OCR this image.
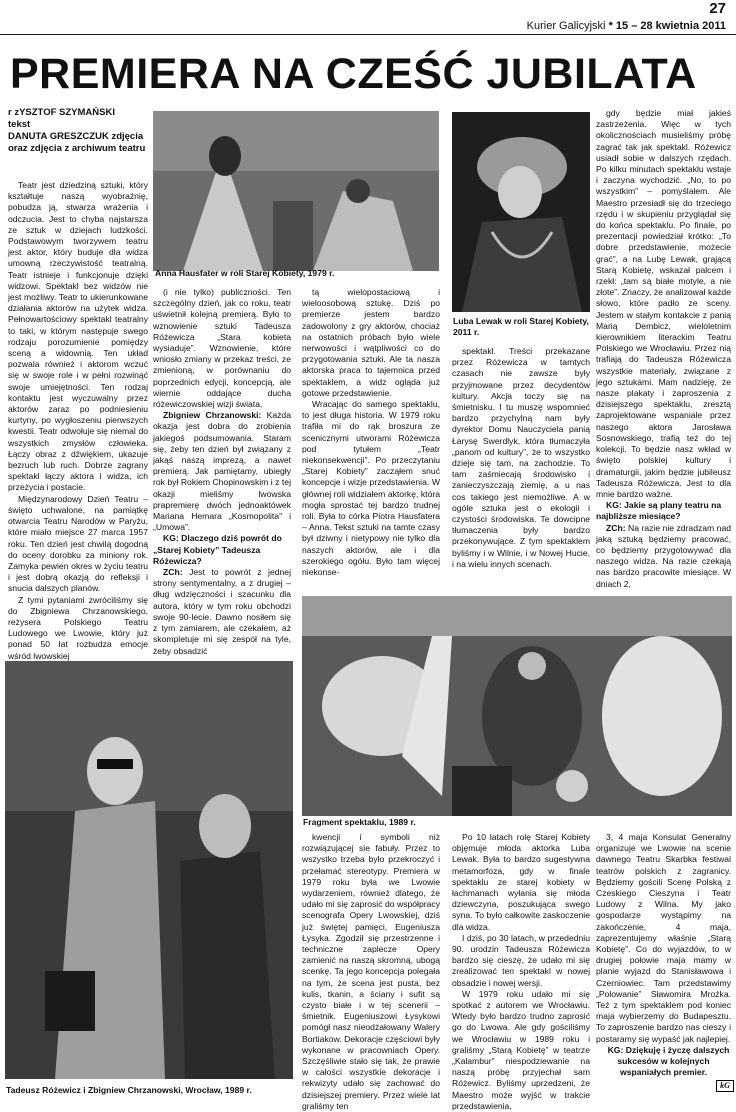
27
Kurier Galicyjski * 15 – 28 kwietnia 2011
PREMIERA NA CZEŚĆ JUBILATA
r zYSZTOF SZYMAŃSKI
tekst
DANUTA GRESZCZUK zdjęcia oraz zdjęcia z archiwum teatru

Teatr jest dziedziną sztuki, który kształtuje naszą wyobraźnię, pobudza ją, stwarza wrażenia i odczucia. Jest to chyba najstarsza ze sztuk w dziejach ludzkości. Podstawowym tworzywem teatru jest aktor, który buduje dla widza umowną rzeczywistość teatralną. Teatr istnieje i funkcjonuje dzięki widzowi. Spektakl bez widzów nie jest możliwy. Teatr to ukierunkowane działania aktorów na użytek widza. Pełnowartościowy spektakl teatralny to taki, w którym następuje swego rodzaju porozumienie pomiędzy sceną a widownią. Ten układ pozwala również i aktorom wczuć się w swoje role i w pełni rozwinąć swoje umiejętności. Ten rodzaj kontaktu jest wyczuwalny przez aktorów zaraz po podniesieniu kurtyny, po wygłoszeniu pierwszych kwestii. Teatr odwołuje się niemal do wszystkich zmysłów człowieka. Łączy obraz z dźwiękiem, ukazuje bezruch lub ruch. Dobrze zagrany spektakl łączy aktora i widza, ich przeżycia i postacie.

Międzynarodowy Dzień Teatru – święto uchwalone, na pamiątkę otwarcia Teatru Narodów w Paryżu, które miało miejsce 27 marca 1957 roku. Ten dzień jest chwilą dogodną do oceny dorobku za miniony rok. Zamyka pewien okres w życiu teatru i jest dobrą okazją do refleksji i snucia dalszych planów.

Z tymi pytaniami zwróciliśmy się do Zbigniewa Chrzanowskiego, reżysera Polskiego Teatru Ludowego we Lwowie, który już ponad 50 lat rozbudza emocje wśród lwowskiej

Anna Hausfater w roli Starej Kobiety, 1979 r.
Luba Lewak w roli Starej Kobiety, 2011 r.

(i nie tylko) publiczności. Ten szczególny dzień, jak co roku, teatr uświetnił kolejną premierą. Było to wznowienie sztuki Tadeusza Różewicza „Stara kobieta wysiaduje”. Wznowienie, które wniosło zmiany w przekaz treści, ze zmienioną, w porównaniu do poprzednich edycji, koncepcją, ale wiernie oddające ducha różewiczowskiej wizji świata.

Zbigniew Chrzanowski: Każda okazja jest dobra do zrobienia jakiegoś podsumowania. Staram się, żeby ten dzień był związany z jakąś naszą imprezą, a nawet premierą. Jak pamiętamy, ubiegły rok był Rokiem Chopinowskim i z tej okazji mieliśmy lwowska prapremierę dwóch jednoaktówek Mariana Hemara „Kosmopolita” i „Umowa”.

KG: Dlaczego dziś powrót do „Starej Kobiety” Tadeusza Różewicza?

ZCh: Jest to powrót z jednej strony sentymentalny, a z drugiej – dług wdzięczności i szacunku dla autora, który w tym roku obchodzi swoje 90-lecie. Dawno nosiłem się z tym zamiarem, ale czekałem, aż skompletuje mi się zespół na tyle, żeby obsadzić

tą wielopostaciową i wieloosobową sztukę. Dziś po premierze jestem bardzo zadowolony z gry aktorów, chociaż na ostatnich próbach było wiele nerwowości i wątpliwości co do przygotowania sztuki. Ale ta nasza aktorska praca to tajemnica przed spektaklem, a widz ogląda już gotowe przedstawienie.

Wracając do samego spektaklu, to jest długa historia. W 1979 roku trafiła mi do rąk broszura ze scenicznymi utworami Różewicza pod tytułem „Teatr niekonsekwencji”. Po przeczytaniu „Starej Kobiety” zacząłem snuć koncepcje i wizje przedstawienia. W głównej roli widziałem aktorkę, która mogła sprostać tej bardzo trudnej roli. Była to córka Piotra Hausfatera – Anna. Tekst sztuki na tamte czasy był dziwny i nietypowy nie tylko dla naszych aktorów, ale i dla szerokiego ogółu. Było tam więcej niekonse-

spektakl. Treści przekazane przez Różewicza w tamtych czasach nie zawsze były przyjmowane przez decydentów kultury. Akcja toczy się na śmietnisku. I tu muszę wspomnieć bardzo przychylną nam były dyrektor Domu Nauczyciela panią Łarysę Swerdlyk, która tłumaczyła „panom od kultury”, że to wszystko dzieje się tam, na zachodzie. To tam zaśmiecają środowisko i zanieczyszczają ziemię, a u nas cos takiego jest niemożliwe. A w ogóle sztuka jest o ekologii i czystości środowiska. Te dowcipne tłumaczenia były bardzo przekonywujące. Z tym spektaklem byliśmy i w Wilnie, i w Nowej Hucie, i na wielu innych scenach.

gdy będzie miał jakieś zastrzeżenia. Więc w tych okolicznościach musieliśmy próbę zagrać tak jak spektakl. Różewicz usiadł sobie w dalszych rzędach. Po kilku minutach spektaklu wstaje i zaczyna wychodzić. „No, to po wszystkim” – pomyślałem. Ale Maestro przesiadł się do trzeciego rzędu i w skupieniu przyglądał się do końca spektaklu. Po finale, po prezentacji powiedział krótko: „To dobre przedstawienie, możecie grać”, a na Lubę Lewak, grającą Starą Kobietę, wskazał palcem i rzekł: „tam są białe motyle, a nie złote”. Znaczy, że analizował każde słowo, które padło ze sceny. Jestem w stałym kontakcie z panią Marią Dembicz, wieloletnim kierownikiem literackim Teatru Polskiego we Wrocławiu. Przez nią trafiają do Tadeusza Różewicza wszystkie materiały, związane z jego sztukami. Mam nadzieję, że nasze plakaty i zaproszenia z dzisiejszego spektaklu, zresztą zaprojektowane wspaniale przez naszego aktora Jarosława Sosnowskiego, trafią też do tej kolekcji. To będzie nasz wkład w święto polskiej kultury i dramaturgii, jakim będzie jubileusz Tadeusza Różewicza. Jest to dla mnie bardzo ważne.

KG: Jakie są plany teatru na najbliższe miesiące?

ZCh: Na razie nie zdradzam nad jaką sztuką będziemy pracować, co będziemy przygotowywać dla naszego widza. Na razie czekają nas bardzo pracowite miesiące. W dniach 2,

Fragment spektaklu, 1989 r.
Tadeusz Różewicz i Zbigniew Chrzanowski, Wrocław, 1989 r.

kwencji i symboli niż rozwiązującej sie fabuły. Przez to wszystko trzeba było przekroczyć i przełamać stereotypy. Premiera w 1979 roku była we Lwowie wydarzeniem, również dlatego, że udało mi się zaprosić do współpracy scenografa Opery Lwowskiej, dziś już świętej pamięci, Eugeniusza Łysyka. Zgodził się przestrzenne i techniczne zaplecze Opery zamienić na naszą skromną, ubogą scenkę. Ta jego koncepcja polegała na tym, że scena jest pusta, bez kulis, tkanin, a ściany i sufit są czysto białe i w tej scenerii – śmietnik. Eugeniuszowi Łysykowi pomógł nasz nieodżałowany Walery Bortiakow. Dekoracje częściowi były wykonane w pracowniach Opery. Szczęśliwie stało się tak, że prawie w całości wszystkie dekoracje i rekwizyty udało się zachować do dzisiejszej premiery. Przez wiele lat graliśmy ten

Po 10 latach rolę Starej Kobiety objęmuje młoda aktorka Luba Lewak. Była to bardzo sugestywna metamorfoza, gdy w finale spektaklu ze starej kobiety w łachmanach wyłania się młoda dziewczyna, poszukująca swego syna. To było całkowite zaskoczenie dla widza.

I dziś, po 30 latach, w przededniu 90. urodzin Tadeusza Różewicza bardzo się cieszę, że udało mi się zrealizować ten spektakl w nowej obsadzie i nowej wersji.

W 1979 roku udało mi się spotkać z autorem we Wrocławiu. Wtedy było bardzo trudno zaprosić go do Lwowa. Ale gdy gościliśmy we Wrocławiu w 1989 roku i graliśmy „Starą Kobietę” w teatrze „Kalambur” niespodziewanie na naszą próbę przyjechał sam Różewicz. Byliśmy uprzedzeni, że Maestro może wyjść w trakcie przedstawienia,

3, 4 maja Konsulat Generalny organizuje we Lwowie na scenie dawnego Teatru Skarbka festiwal teatrów polskich z zagranicy. Będziemy gościli Scenę Polską z Czeskiego Cieszyna i Teatr Ludowy z Wilna. My jako gospodarze wystąpimy na zakończenie, 4 maja, zaprezentujemy właśnie „Starą Kobietę”. Co do wyjazdów, to w drugiej połowie maja mamy w planie wyjazd do Stanisławowa i Czerniowiec. Tam przedstawimy „Polowanie” Sławomira Mrożka. Też z tym spektaklem pod koniec maja wybierzemy do Budapesztu. To zaproszenie bardzo nas cieszy i postaramy się wypaść jak najlepiej.

KG: Dziękuję i życzę dalszych sukcesów w kolejnych wspaniałych premier.

kG
